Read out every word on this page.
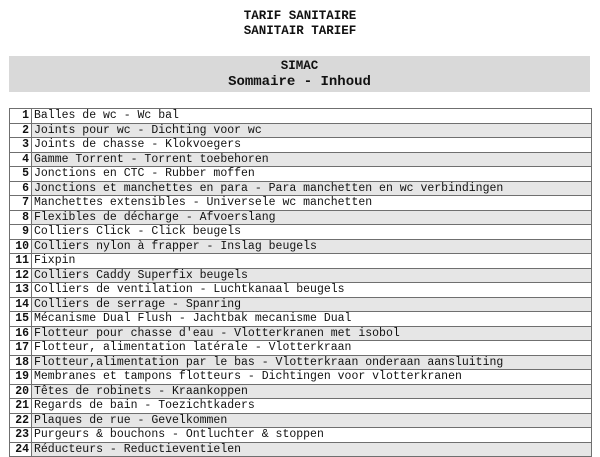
TARIF SANITAIRE
SANITAIR TARIEF
SIMAC
Sommaire - Inhoud
1	Balles de wc - Wc bal
2	Joints pour wc - Dichting voor wc
3	Joints de chasse - Klokvoegers
4	Gamme Torrent - Torrent toebehoren
5	Jonctions en CTC - Rubber moffen
6	Jonctions et manchettes en para - Para manchetten en wc verbindingen
7	Manchettes extensibles - Universele wc manchetten
8	Flexibles de décharge - Afvoerslang
9	Colliers Click - Click beugels
10	Colliers nylon à frapper - Inslag beugels
11	Fixpin
12	Colliers Caddy Superfix beugels
13	Colliers de ventilation - Luchtkanaal beugels
14	Colliers de serrage - Spanring
15	Mécanisme Dual Flush - Jachtbak mecanisme Dual
16	Flotteur pour chasse d'eau - Vlotterkranen met isobol
17	Flotteur, alimentation latérale - Vlotterkraan
18	Flotteur,alimentation par le bas - Vlotterkraan onderaan aansluiting
19	Membranes et tampons flotteurs - Dichtingen voor vlotterkranen
20	Têtes de robinets - Kraankoppen
21	Regards de bain - Toezichtkaders
22	Plaques de rue - Gevelkommen
23	Purgeurs & bouchons - Ontluchter & stoppen
24	Réducteurs - Reductieventielen
